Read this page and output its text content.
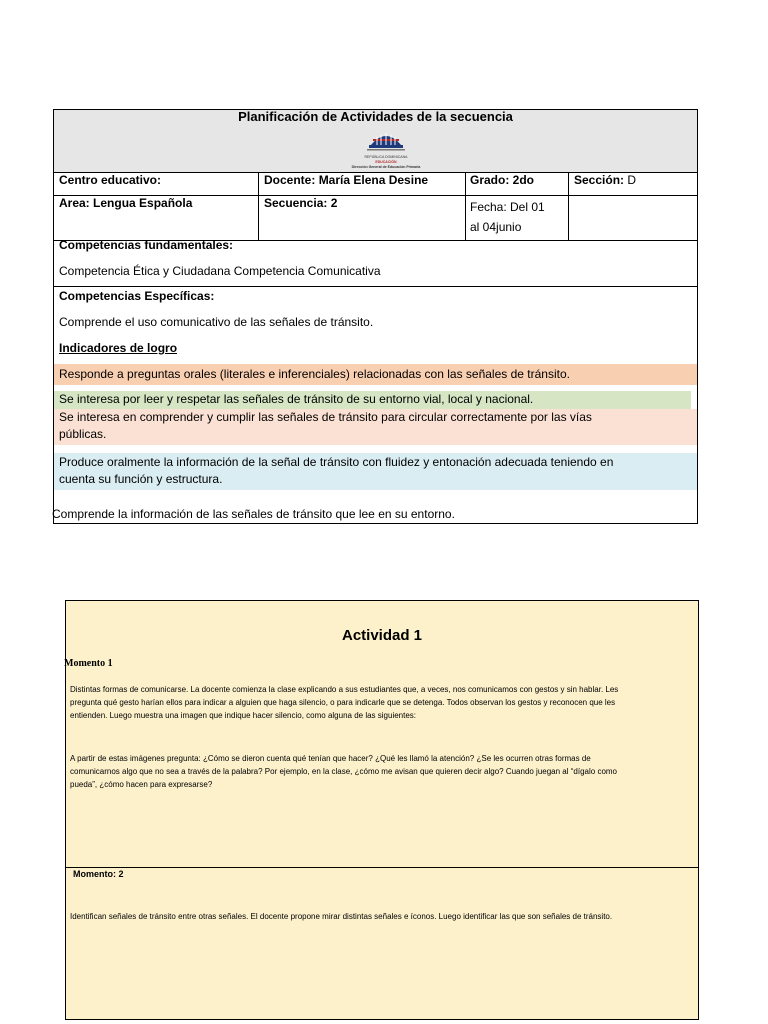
Planificación de Actividades de la secuencia
REPÚBLICA DOMINICANA
EDUCACIÓN
Dirección General de Educación Primaria
Centro educativo:	Docente: María Elena Desine	Grado: 2do	Sección: D
Area: Lengua Española	Secuencia: 2	Fecha: Del 01
al 04junio
Competencias fundamentales:
Competencia Ética y Ciudadana Competencia Comunicativa
Competencias Específicas:
Comprende el uso comunicativo de las señales de tránsito.
Indicadores de logro
Responde a preguntas orales (literales e inferenciales) relacionadas con las señales de tránsito.
Se interesa por leer y respetar las señales de tránsito de su entorno vial, local y nacional.
Se interesa en comprender y cumplir las señales de tránsito para circular correctamente por las vías
públicas.
Produce oralmente la información de la señal de tránsito con fluidez y entonación adecuada teniendo en
cuenta su función y estructura.
Comprende la información de las señales de tránsito que lee en su entorno.
Actividad 1
Momento 1
Distintas formas de comunicarse. La docente comienza la clase explicando a sus estudiantes que, a veces, nos comunicamos con gestos y sin hablar. Les
pregunta qué gesto harían ellos para indicar a alguien que haga silencio, o para indicarle que se detenga. Todos observan los gestos y reconocen que les
entienden. Luego muestra una imagen que indique hacer silencio, como alguna de las siguientes:
A partir de estas imágenes pregunta: ¿Cómo se dieron cuenta qué tenían que hacer? ¿Qué les llamó la atención? ¿Se les ocurren otras formas de
comunicarnos algo que no sea a través de la palabra? Por ejemplo, en la clase, ¿cómo me avisan que quieren decir algo? Cuando juegan al “dígalo como
pueda”, ¿cómo hacen para expresarse?
Momento: 2
Identifican señales de tránsito entre otras señales. El docente propone mirar distintas señales e íconos. Luego identificar las que son señales de tránsito.
